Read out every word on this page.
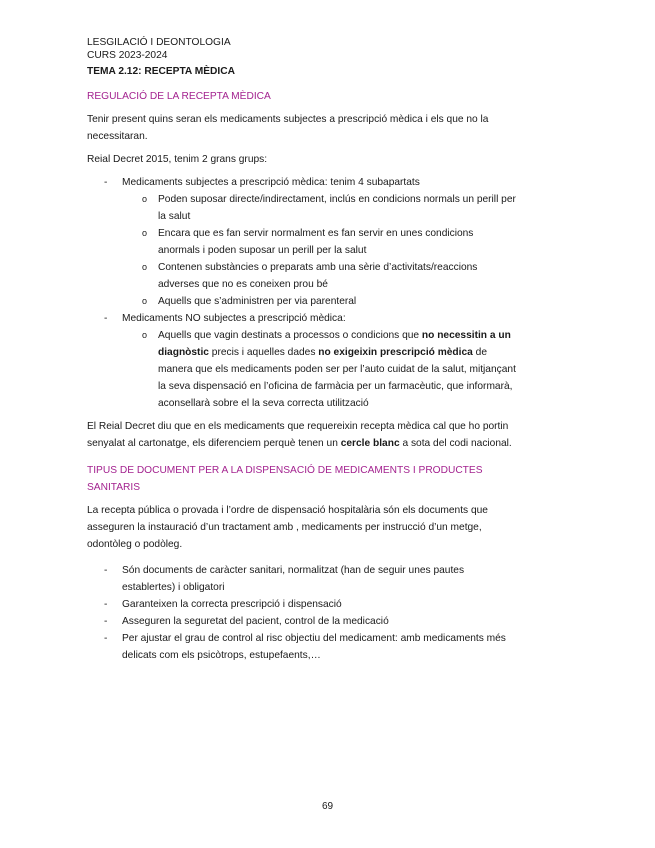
LESGILACIÓ I DEONTOLOGIA
CURS 2023-2024
TEMA 2.12: RECEPTA MÈDICA
REGULACIÓ DE LA RECEPTA MÈDICA

Tenir present quins seran els medicaments subjectes a prescripció mèdica i els que no la necessitaran.

Reial Decret 2015, tenim 2 grans grups:

- Medicaments subjectes a prescripció mèdica: tenim 4 subapartats
o Poden suposar directe/indirectament, inclús en condicions normals un perill per la salut
o Encara que es fan servir normalment es fan servir en unes condicions anormals i poden suposar un perill per la salut
o Contenen substàncies o preparats amb una sèrie d’activitats/reaccions adverses que no es coneixen prou bé
o Aquells que s’administren per via parenteral
- Medicaments NO subjectes a prescripció mèdica:
o Aquells que vagin destinats a processos o condicions que no necessitin a un diagnòstic precis i aquelles dades no exigeixin prescripció mèdica de manera que els medicaments poden ser per l’auto cuidat de la salut, mitjançant la seva dispensació en l’oficina de farmàcia per un farmacèutic, que informarà, aconsellarà sobre el la seva correcta utilització

El Reial Decret diu que en els medicaments que requereixin recepta mèdica cal que ho portin senyalat al cartonatge, els diferenciem perquè tenen un cercle blanc a sota del codi nacional.

TIPUS DE DOCUMENT PER A LA DISPENSACIÓ DE MEDICAMENTS I PRODUCTES SANITARIS

La recepta pública o provada i l’ordre de dispensació hospitalària són els documents que asseguren la instauració d’un tractament amb , medicaments per instrucció d’un metge, odontòleg o podòleg.

- Són documents de caràcter sanitari, normalitzat (han de seguir unes pautes establertes) i obligatori
- Garanteixen la correcta prescripció i dispensació
- Asseguren la seguretat del pacient, control de la medicació
- Per ajustar el grau de control al risc objectiu del medicament: amb medicaments més delicats com els psicòtrops, estupefaents,…
69
